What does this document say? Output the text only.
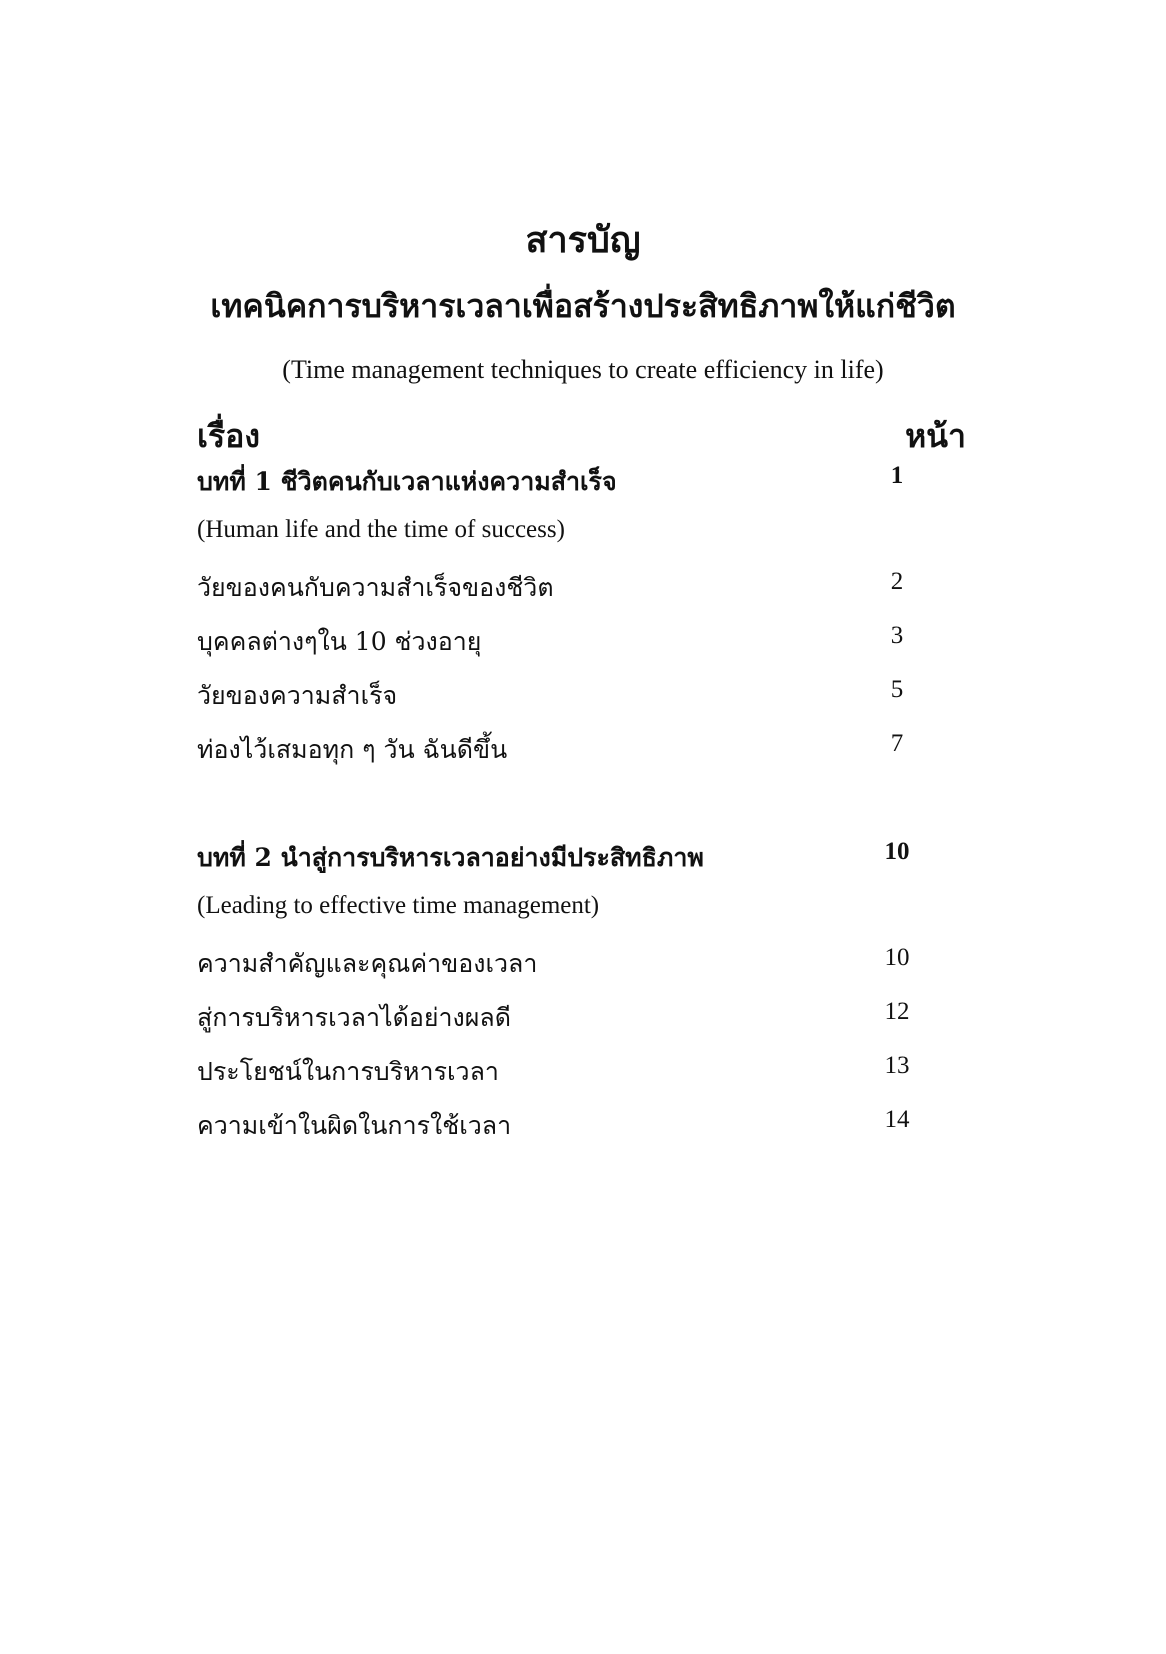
สารบัญ
เทคนิคการบริหารเวลาเพื่อสร้างประสิทธิภาพให้แก่ชีวิต
(Time management techniques to create efficiency in life)
เรื่อง	หน้า
บทที่ 1 ชีวิตคนกับเวลาแห่งความสำเร็จ	1
(Human life and the time of success)
วัยของคนกับความสำเร็จของชีวิต	2
บุคคลต่างๆใน 10 ช่วงอายุ	3
วัยของความสำเร็จ	5
ท่องไว้เสมอทุก ๆ วัน ฉันดีขึ้น	7
บทที่ 2 นำสู่การบริหารเวลาอย่างมีประสิทธิภาพ	10
(Leading to effective time management)
ความสำคัญและคุณค่าของเวลา	10
สู่การบริหารเวลาได้อย่างผลดี	12
ประโยชน์ในการบริหารเวลา	13
ความเข้าในผิดในการใช้เวลา	14
